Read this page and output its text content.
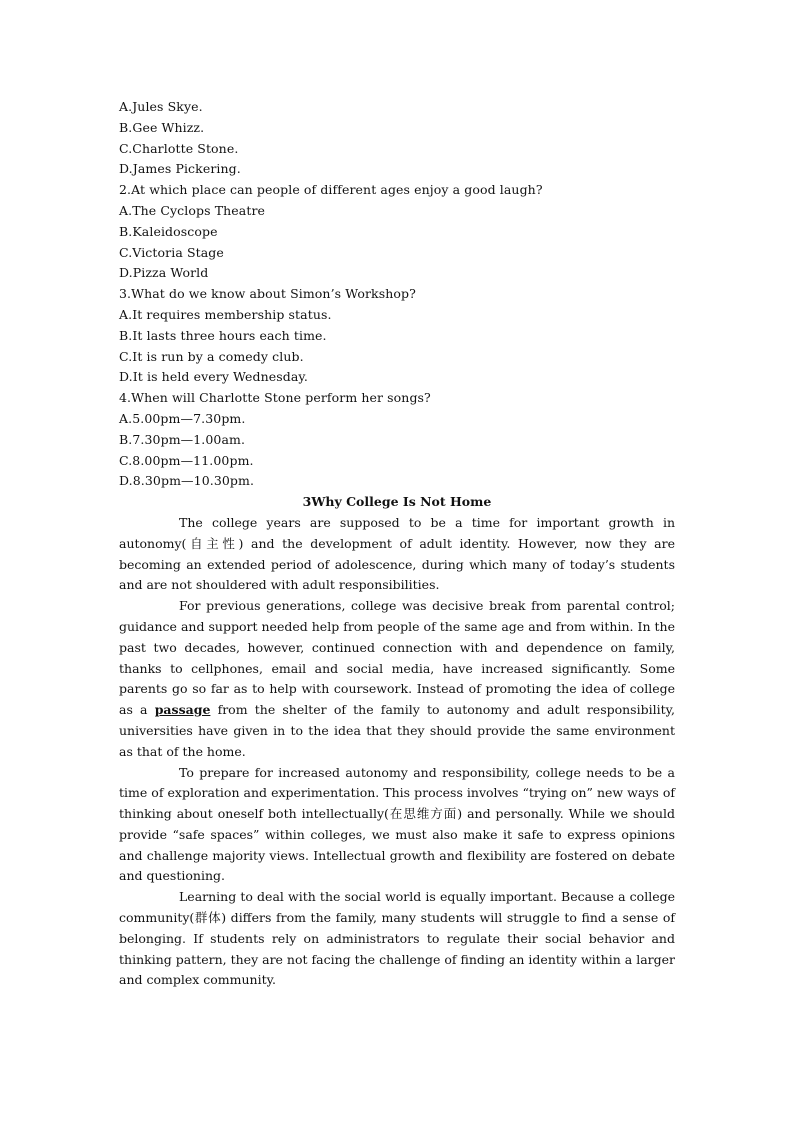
A.Jules Skye.
B.Gee Whizz.
C.Charlotte Stone.
D.James Pickering.
2.At which place can people of different ages enjoy a good laugh?
A.The Cyclops Theatre
B.Kaleidoscope
C.Victoria Stage
D.Pizza World
3.What do we know about Simon’s Workshop?
A.It requires membership status.
B.It lasts three hours each time.
C.It is run by a comedy club.
D.It is held every Wednesday.
4.When will Charlotte Stone perform her songs?
A.5.00pm—7.30pm.
B.7.30pm—1.00am.
C.8.00pm—11.00pm.
D.8.30pm—10.30pm.
3Why College Is Not Home

The college years are supposed to be a time for important growth in autonomy(自主性) and the development of adult identity. However, now they are becoming an extended period of adolescence, during which many of today’s students and are not shouldered with adult responsibilities.

For previous generations, college was decisive break from parental control; guidance and support needed help from people of the same age and from within. In the past two decades, however, continued connection with and dependence on family, thanks to cellphones, email and social media, have increased significantly. Some parents go so far as to help with coursework. Instead of promoting the idea of college as a passage from the shelter of the family to autonomy and adult responsibility, universities have given in to the idea that they should provide the same environment as that of the home.

To prepare for increased autonomy and responsibility, college needs to be a time of exploration and experimentation. This process involves “trying on” new ways of thinking about oneself both intellectually(在思维方面) and personally. While we should provide “safe spaces” within colleges, we must also make it safe to express opinions and challenge majority views. Intellectual growth and flexibility are fostered on debate and questioning.

Learning to deal with the social world is equally important. Because a college community(群体) differs from the family, many students will struggle to find a sense of belonging. If students rely on administrators to regulate their social behavior and thinking pattern, they are not facing the challenge of finding an identity within a larger and complex community.
